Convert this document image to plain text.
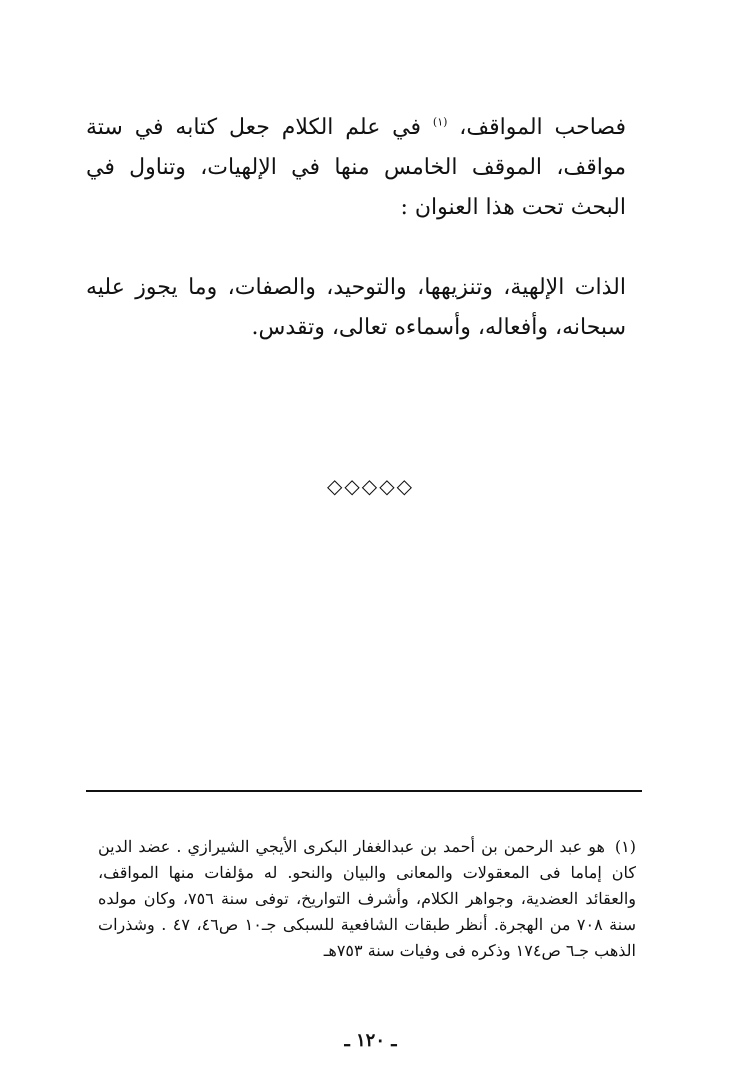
فصاحب المواقف، $^{(١)}$ في علم الكلام جعل كتابه في ستة مواقف، الموقف الخامس منها في الإلهيات، وتناول في البحث تحت هذا العنوان :

الذات الإلهية، وتنزيهها، والتوحيد، والصفات، وما يجوز عليه سبحانه، وأفعاله، وأسماءه تعالى، وتقدس.

◇◇◇◇◇

(١)هو عبد الرحمن بن أحمد بن عبدالغفار البكرى الأيجي الشيرازي . عضد الدين كان إماما فى المعقولات والمعانى والبيان والنحو. له مؤلفات منها المواقف، والعقائد العضدية، وجواهر الكلام، وأشرف التواريخ، توفى سنة ٧٥٦، وكان مولده سنة ٧٠٨ من الهجرة. أنظر طبقات الشافعية للسبكى جـ١٠ ص٤٦، ٤٧ . وشذرات الذهب جـ٦ ص١٧٤ وذكره فى وفيات سنة ٧٥٣هـ

ـ ١٢٠ ـ
